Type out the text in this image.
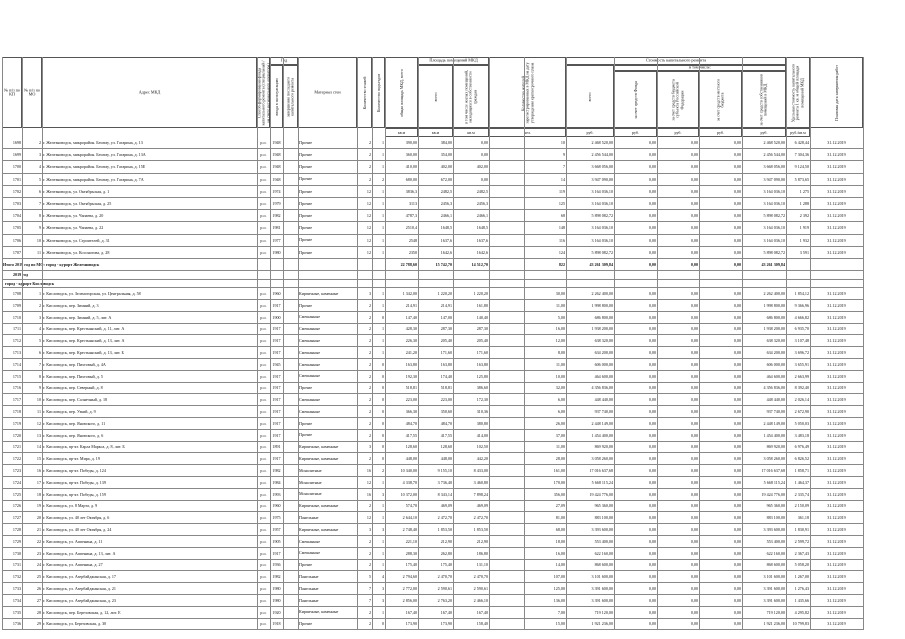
№ п/п по КП
№ п/п по МО	Адрес МКД	Способ формирования фонда капитального ремонта (специальный / на счете регионального оператора)	Материал стен	Количество этажей Количество подъездов	общая площадь МКД, всего	Удельная стоимость капитального ремонта 1 кв. м общей площади помещений МКД	Плановая дата завершения работ
Год
ввода в эксплуатацию завершения последнего капитального ремонта
Площадь помещений МКД
всего	в том числе жилых помещений, находящихся в собственности граждан	Количество жителей, зарегистрированных в МКД на дату утверждения краткосрочного плана
Стоимость капитального ремонта
в том числе:
всего	за счет средств Фонда	за счет средств бюджета субъекта Российской Федерации	за счет средств местного бюджета	за счет средств собственников помещений в МКД
кв.м	кв.м	кв.м	чел.	руб.	руб.	руб.	руб.	руб.	руб./кв.м
1698	2 г. Железноводск, микрорайон. Бештау, ул. Гагарина, д. 13	р.о.	1948	Прочие	2	1	390,00	384,00	0,00	10	2 468 520,00	0,00	0,00	0,00	2 468 520,00	6 428,44	31.12.2019
1699	3 г. Железноводск, микрорайон. Бештау, ул. Гагарина, д. 13А	р.о.	1948	Прочие	2	1	360,00	354,00	0,00	9	2 456 544,00	0,00	0,00	0,00	2 456 544,00	7 304,36	31.12.2019
1700	4 г. Железноводск, микрорайон. Бештау, ул. Гагарина, д. 15Е	р.о.	1948	Прочие	2	1	410,00	402,00	402,00	7	3 668 056,00	0,00	0,00	0,00	3 668 056,00	9 124,50	31.12.2019
1701	5 г. Железноводск, микрорайон. Бештау, ул. Гагарина, д. 7А	р.о.	1948	Прочие	2	2	680,00	672,00	0,00	14	3 947 090,00	0,00	0,00	0,00	3 947 090,00	5 873,65	31.12.2019
1702	6 г. Железноводск, ул. Октябрьская, д. 1	р.о.	1974	Прочие	12	1	3836,3	2482,5	2482,5	119	3 164 036,10	0,00	0,00	0,00	3 164 036,10	1 275	31.12.2019
1703	7 г. Железноводск, ул. Октябрьская, д. 25	р.о.	1979	Прочие	12	1	3113	2456,3	2456,3	125	3 164 036,10	0,00	0,00	0,00	3 164 036,10	1 288	31.12.2019
1704	8 г. Железноводск, ул. Чапаева, д. 20	р.о.	1982	Прочие	12	1	4787,3	2466,1	2466,1	68	5 898 082,72	0,00	0,00	0,00	5 898 082,72	2 392	31.12.2019
1705	9 г. Железноводск, ул. Чапаева, д. 22	р.о.	1981	Прочие	12	1	2510,4	1648,5	1648,5	148	3 164 036,10	0,00	0,00	0,00	3 164 036,10	1 919	31.12.2019
1706	10 г. Железноводск, ул. Строителей, д. 31	р.о.	1977	Прочие	12	1	2548	1637,6	1637,6	116	3 164 036,10	0,00	0,00	0,00	3 164 036,10	1 932	31.12.2019
1707	11 г. Железноводск, ул. Косоногова, д. 28	р.о.	1980	Прочие	12	1	2350	1642,6	1642,6	124	5 898 082,72	0,00	0,00	0,00	5 898 082,72	3 591	31.12.2019
Итого 2019 год по МО: город - курорт Железноводск	22 788,60	15 742,70	14 512,70	822	43 261 309,84	0,00	0,00	0,00	43 261 309,84
2019 год
город - курорт Кисловодск
1708	1 г. Кисловодск, ул. Зеленогорская, ул. Центральная, д. 58	р.о.	1960	Кирпичные, каменные	3	1	1 342,00	1 220,20	1 220,20	30,00	2 262 400,00	0,00	0,00	0,00	2 262 400,00	1 854,12	31.12.2019
1709	2 г. Кисловодск, пер. Зимний, д. 3	р.о.	1917	Прочие	2	1	214,91	214,91	161,80	11,00	1 998 800,00	0,00	0,00	0,00	1 998 800,00	9 366,96	31.12.2019
1710	3 г. Кисловодск, пер. Зимний, д. 5, лит. А	р.о.	1900	Смешанные	2	0	147,40	147,00	140,40	5,00	686 800,00	0,00	0,00	0,00	686 800,00	4 666,82	31.12.2019
1711	4 г. Кисловодск, пер. Крестьянский, д. 11, лит. А	р.о.	1917	Смешанные	2	1	428,30	287,30	287,30	16,00	1 938 200,00	0,00	0,00	0,00	1 938 200,00	6 935,70	31.12.2019
1712	5 г. Кисловодск, пер. Крестьянский, д. 13, лит. А	р.о.	1917	Смешанные	2	1	226,30	205,40	205,40	12,00	638 320,00	0,00	0,00	0,00	638 320,00	3 107,48	31.12.2019
1713	6 г. Кисловодск, пер. Крестьянский, д. 13, лит. Б	р.о.	1917	Смешанные	2	1	241,20	171,60	171,60	8,00	634 200,00	0,00	0,00	0,00	634 200,00	3 696,72	31.12.2019
1714	7 г. Кисловодск, пер. Пихтовый, д. 4А	р.о.	1945	Смешанные	2	0	163,80	163,80	163,80	11,00	606 000,00	0,00	0,00	0,00	606 000,00	3 655,91	31.12.2019
1715	8 г. Кисловодск, пер. Пихтовый, д. 5	р.о.	1917	Смешанные	2	0	192,30	174,40	125,80	10,00	464 600,00	0,00	0,00	0,00	464 600,00	2 663,99	31.12.2019
1716	9 г. Кисловодск, пер. Северный, д. 8	р.о.	1917	Прочие	2	0	518,81	518,81	386,60	32,00	4 356 836,00	0,00	0,00	0,00	4 356 836,00	8 392,40	31.12.2019
1717	10 г. Кисловодск, пер. Солнечный, д. 18	р.о.	1917	Смешанные	2	0	223,00	223,00	172,30	6,00	448 440,00	0,00	0,00	0,00	448 440,00	2 026,14	31.12.2019
1718	11 г. Кисловодск, пер. Узкий, д. 9	р.о.	1917	Смешанные	2	0	366,30	350,60	310,36	6,00	937 740,00	0,00	0,00	0,00	937 740,00	2 672,90	31.12.2019
1719	12 г. Кисловодск, пер. Яновского, д. 11	р.о.	1917	Прочие	2	0	484,70	484,70	380,80	26,00	2 448 149,00	0,00	0,00	0,00	2 448 149,00	5 050,03	31.12.2019
1720	13 г. Кисловодск, пер. Яновского, д. 6	р.о.	1917	Прочие	2	0	417,55	417,55	414,00	37,00	1 454 400,00	0,00	0,00	0,00	1 454 400,00	3 483,18	31.12.2019
1721	14 г. Кисловодск, пр-кт. Карла Маркса, д. 8, лит. Б	р.о.	1891	Кирпичные, каменные	3	0	128,60	128,60	102,50	11,00	869 920,00	0,00	0,00	0,00	869 920,00	6 976,49	31.12.2019
1722	15 г. Кисловодск, пр-кт. Мира, д. 19	р.о.	1917	Кирпичные, каменные	2	0	448,00	448,00	442,20	28,00	3 058 260,00	0,00	0,00	0,00	3 058 260,00	6 826,52	31.12.2019
1723	16 г. Кисловодск, пр-кт. Победы, д. 124	р.о.	1982	Монолитные	16	2	10 340,00	9 155,10	8 433,00	161,00	17 016 637,68	0,00	0,00	0,00	17 016 637,68	1 858,71	31.12.2019
1724	17 г. Кисловодск, пр-кт. Победы, д. 139	р.о.	1984	Монолитные	12	1	4 338,70	3 736,40	3 460,80	170,00	5 668 115,24	0,00	0,00	0,00	5 668 115,24	1 464,37	31.12.2019
1725	18 г. Кисловодск, пр-кт. Победы, д. 159	р.о.	1993	Монолитные	16	3	10 372,00	8 343,14	7 898,24	356,00	19 424 776,00	0,00	0,00	0,00	19 424 776,00	2 335,74	31.12.2019
1726	19 г. Кисловодск, ул. 8 Марта, д. 9	р.о.	1960	Кирпичные, каменные	2	1	574,70	469,09	469,09	27,09	965 360,00	0,00	0,00	0,00	965 360,00	2 150,09	31.12.2019
1727	20 г. Кисловодск, ул. 40 лет Октября, д. 6	р.о.	1975	Панельные	12	1	2 644,10	2 472,70	2 472,70	81,00	883 100,00	0,00	0,00	0,00	883 100,00	361,18	31.12.2019
1728	21 г. Кисловодск, ул. 40 лет Октября, д. 24	р.о.	1957	Кирпичные, каменные	3	3	2 748,40	1 853,50	1 853,50	68,00	3 393 600,00	0,00	0,00	0,00	3 393 600,00	1 830,91	31.12.2019
1729	22 г. Кисловодск, ул. Аппенина, д. 11	р.о.	1905	Смешанные	2	1	221,10	212,90	212,90	18,00	553 400,00	0,00	0,00	0,00	553 400,00	2 599,72	31.12.2019
1730	23 г. Кисловодск, ул. Аппенина, д. 13, лит. А	р.о.	1917	Смешанные	2	1	288,30	262,80	186,80	16,00	622 160,00	0,00	0,00	0,00	622 160,00	2 367,43	31.12.2019
1731	24 г. Кисловодск, ул. Аппенина, д. 27	р.о.	1936	Прочие	2	1	175,40	175,40	131,10	14,00	868 600,00	0,00	0,00	0,00	868 600,00	5 058,20	31.12.2019
1732	25 г. Кисловодск, ул. Азербайджанская, д. 17	р.о.	1982	Панельные	5	4	2 794,60	2 470,70	2 470,70	107,00	3 101 600,00	0,00	0,00	0,00	3 101 600,00	1 267,00	31.12.2019
1733	26 г. Кисловодск, ул. Азербайджанская, д. 21	р.о.	1980	Панельные	7	3	2 772,00	2 590,61	2 590,61	125,00	3 391 600,00	0,00	0,00	0,00	3 391 600,00	1 276,43	31.12.2019
1734	27 г. Кисловодск, ул. Азербайджанская, д. 23	р.о.	1980	Панельные	7	3	2 856,00	2 763,20	2 466,10	136,00	3 391 600,00	0,00	0,00	0,00	3 391 600,00	1 435,66	31.12.2019
1735	28 г. Кисловодск, пер. Березовская, д. 12, лит. Е	р.о.	1920	Кирпичные, каменные	2	1	167,40	167,40	167,40	7,00	719 120,00	0,00	0,00	0,00	719 120,00	4 295,82	31.12.2019
1736	29 г. Кисловодск, ул. Березовская, д. 30	р.о.	1918	Прочие	2	0	173,90	173,90	158,40	15,00	1 921 236,00	0,00	0,00	0,00	1 921 236,00	10 799,83	31.12.2019
